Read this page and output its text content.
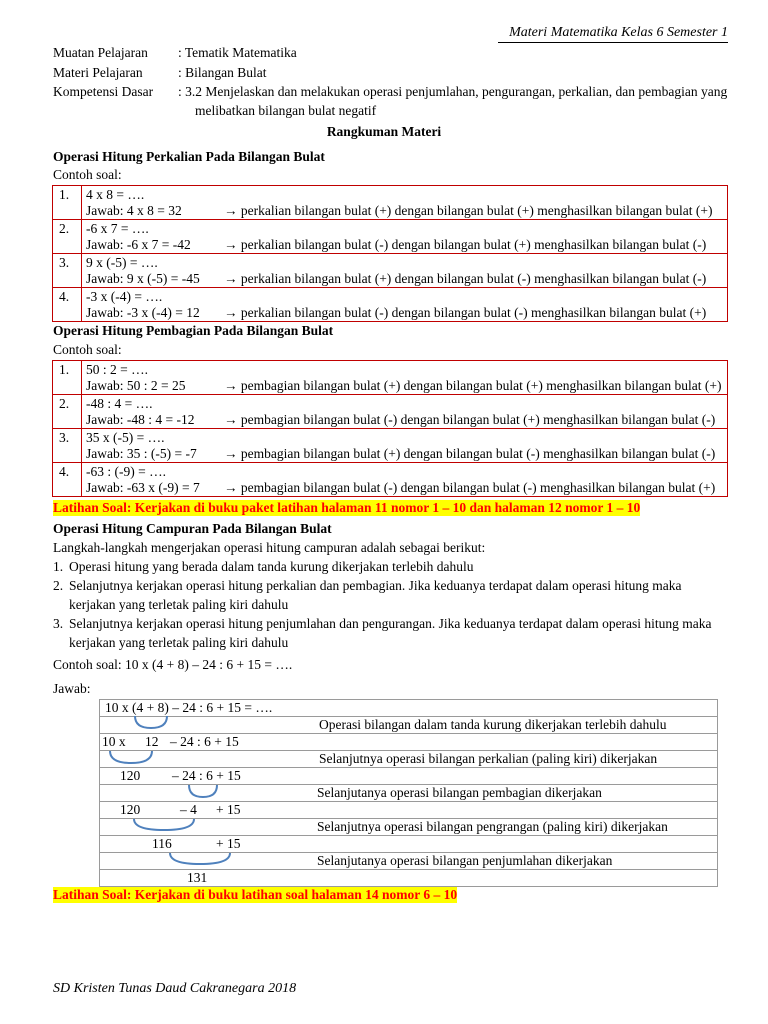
Materi Matematika Kelas 6 Semester 1
Muatan Pelajaran : Tematik Matematika
Materi Pelajaran	: Bilangan Bulat
Kompetensi Dasar : 3.2 Menjelaskan dan melakukan operasi penjumlahan, pengurangan, perkalian, dan pembagian yang
melibatkan bilangan bulat negatif
Rangkuman Materi
Operasi Hitung Perkalian Pada Bilangan Bulat
Contoh soal:
1.	4 x 8 = ….
Jawab: 4 x 8 = 32 → perkalian bilangan bulat (+) dengan bilangan bulat (+) menghasilkan bilangan bulat (+)

2.	-6 x 7 = ….
Jawab: -6 x 7 = -42 → perkalian bilangan bulat (-) dengan bilangan bulat (+) menghasilkan bilangan bulat (-)

3.	9 x (-5) = ….
Jawab: 9 x (-5) = -45 → perkalian bilangan bulat (+) dengan bilangan bulat (-) menghasilkan bilangan bulat (-)

4.	-3 x (-4) = ….
Jawab: -3 x (-4) = 12 → perkalian bilangan bulat (-) dengan bilangan bulat (-) menghasilkan bilangan bulat (+)
Operasi Hitung Pembagian Pada Bilangan Bulat
Contoh soal:
1.	50 : 2 = ….
Jawab: 50 : 2 = 25 → pembagian bilangan bulat (+) dengan bilangan bulat (+) menghasilkan bilangan bulat (+)

2.	-48 : 4 = ….
Jawab: -48 : 4 = -12 → pembagian bilangan bulat (-) dengan bilangan bulat (+) menghasilkan bilangan bulat (-)

3.	35 x (-5) = ….
Jawab: 35 : (-5) = -7 → pembagian bilangan bulat (+) dengan bilangan bulat (-) menghasilkan bilangan bulat (-)

4.	-63 : (-9) = ….
Jawab: -63 x (-9) = 7 → pembagian bilangan bulat (-) dengan bilangan bulat (-) menghasilkan bilangan bulat (+)
Latihan Soal: Kerjakan di buku paket latihan halaman 11 nomor 1 – 10 dan halaman 12 nomor 1 – 10
Operasi Hitung Campuran Pada Bilangan Bulat
Langkah-langkah mengerjakan operasi hitung campuran adalah sebagai berikut:
1. Operasi hitung yang berada dalam tanda kurung dikerjakan terlebih dahulu
2. Selanjutnya kerjakan operasi hitung perkalian dan pembagian. Jika keduanya terdapat dalam operasi hitung maka
kerjakan yang terletak paling kiri dahulu
3. Selanjutnya kerjakan operasi hitung penjumlahan dan pengurangan. Jika keduanya terdapat dalam operasi hitung maka
kerjakan yang terletak paling kiri dahulu
Contoh soal: 10 x (4 + 8) – 24 : 6 + 15 = ….
Jawab:
10 x (4 + 8) – 24 : 6 + 15 = ….

Operasi bilangan dalam tanda kurung dikerjakan terlebih dahulu

10 x 12 – 24 : 6 + 15

Selanjutnya operasi bilangan perkalian (paling kiri) dikerjakan

120 – 24 : 6 + 15

Selanjutanya operasi bilangan pembagian dikerjakan

120	– 4 + 15

Selanjutnya operasi bilangan pengrangan (paling kiri) dikerjakan

116	+ 15

Selanjutanya operasi bilangan penjumlahan dikerjakan

131
Latihan Soal: Kerjakan di buku latihan soal halaman 14 nomor 6 – 10
SD Kristen Tunas Daud Cakranegara 2018
